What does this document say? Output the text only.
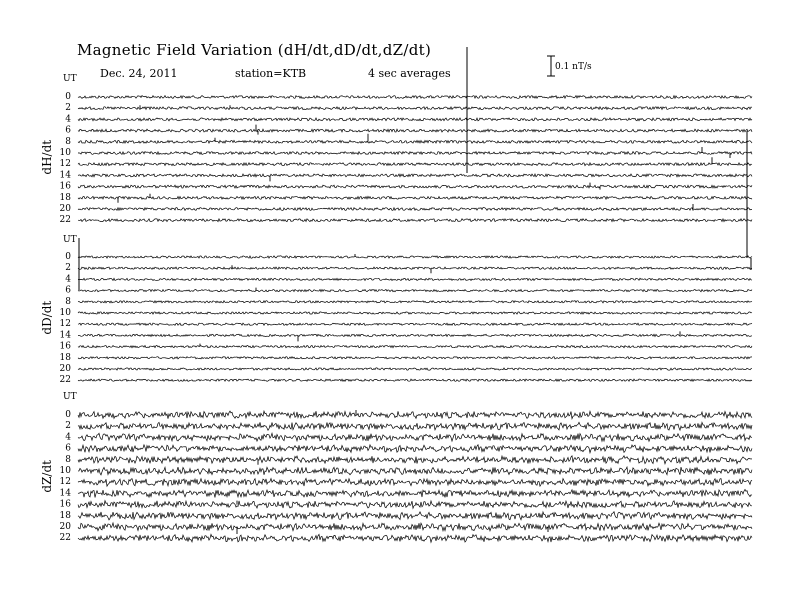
Magnetic Field Variation (dH/dt,dD/dt,dZ/dt)
Dec. 24, 2011	station=KTB	4 sec averages	0.1 nT/s
UT
dH/dt
0
2
4
6
8
10
12
14
16
18
20
22
UT
dD/dt
0
2
4
6
8
10
12
14
16
18
20
22
UT
dZ/dt
0
2
4
6
8
10
12
14
16
18
20
22
